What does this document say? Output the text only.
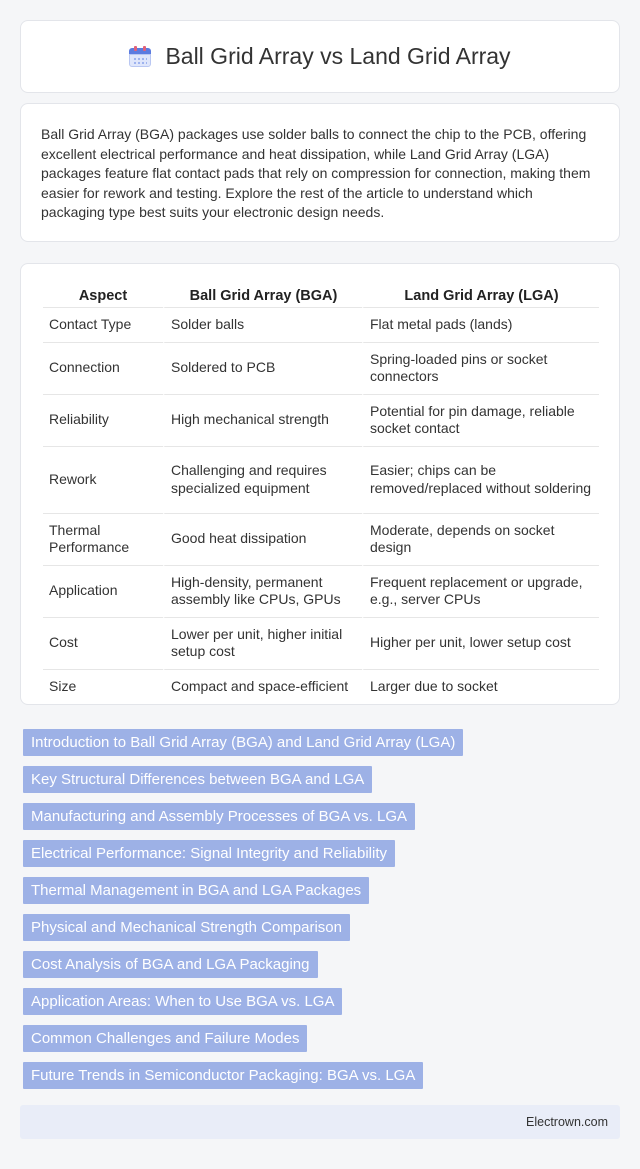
Ball Grid Array vs Land Grid Array

Ball Grid Array (BGA) packages use solder balls to connect the chip to the PCB, offering excellent electrical performance and heat dissipation, while Land Grid Array (LGA) packages feature flat contact pads that rely on compression for connection, making them easier for rework and testing. Explore the rest of the article to understand which packaging type best suits your electronic design needs.

Aspect	Ball Grid Array (BGA)	Land Grid Array (LGA)
Contact Type	Solder balls	Flat metal pads (lands)
Connection	Soldered to PCB	Spring-loaded pins or socket connectors
Reliability	High mechanical strength	Potential for pin damage, reliable socket contact
Rework	Challenging and requires specialized equipment	Easier; chips can be removed/replaced without soldering
Thermal Performance	Good heat dissipation	Moderate, depends on socket design
Application	High-density, permanent assembly like CPUs, GPUs	Frequent replacement or upgrade, e.g., server CPUs
Cost	Lower per unit, higher initial setup cost	Higher per unit, lower setup cost
Size	Compact and space-efficient	Larger due to socket
Introduction to Ball Grid Array (BGA) and Land Grid Array (LGA)
Key Structural Differences between BGA and LGA
Manufacturing and Assembly Processes of BGA vs. LGA
Electrical Performance: Signal Integrity and Reliability
Thermal Management in BGA and LGA Packages
Physical and Mechanical Strength Comparison
Cost Analysis of BGA and LGA Packaging
Application Areas: When to Use BGA vs. LGA
Common Challenges and Failure Modes
Future Trends in Semiconductor Packaging: BGA vs. LGA
Electrown.com
